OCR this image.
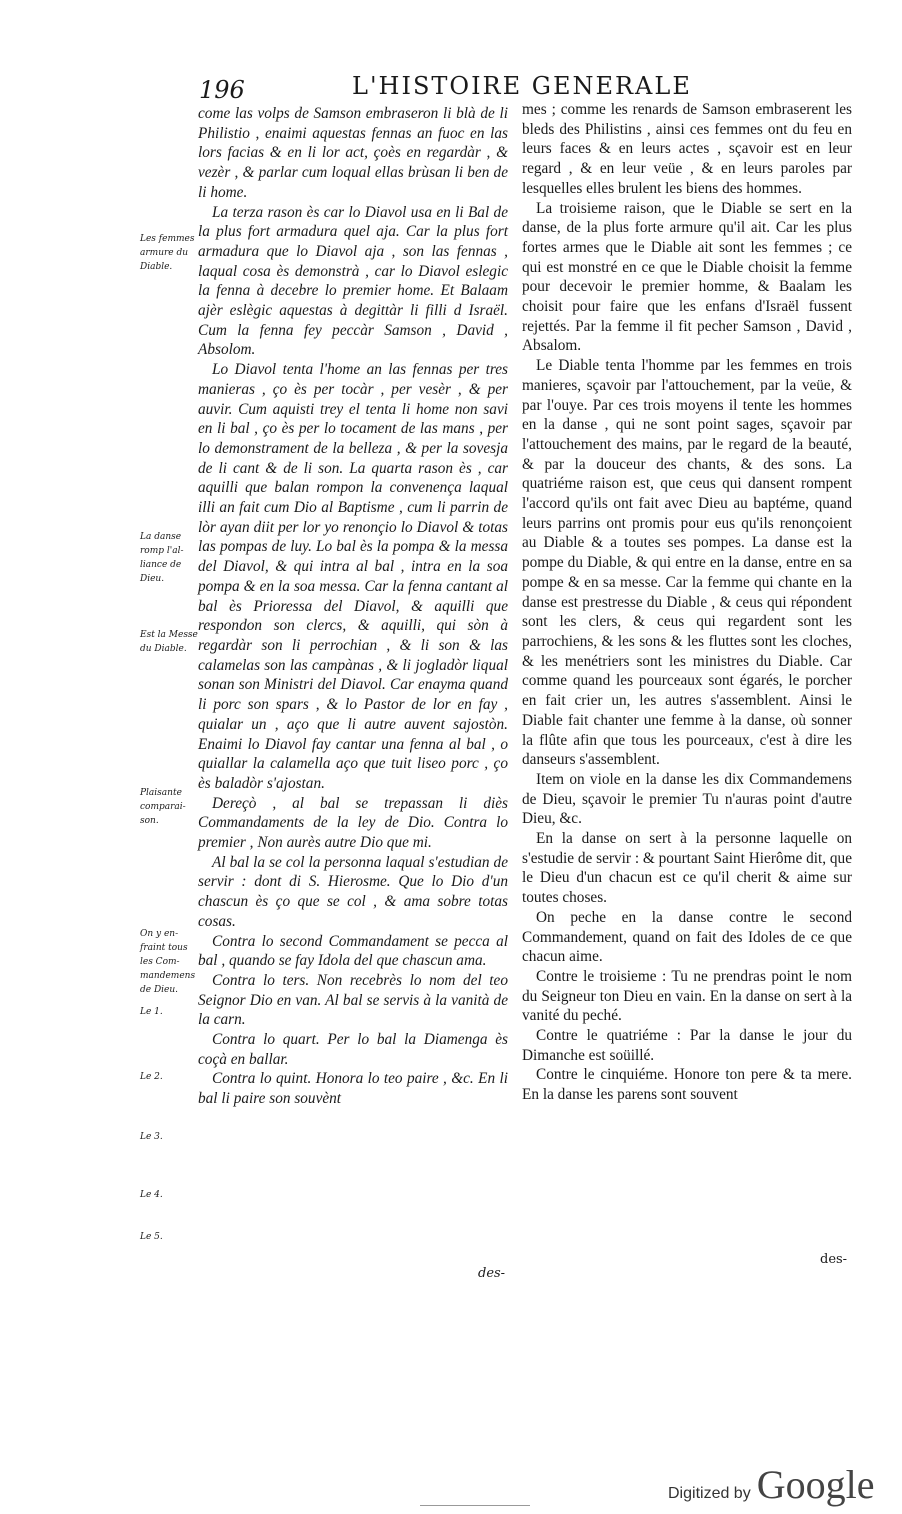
196	L'HISTOIRE GENERALE
Les femmes
armure du
Diable.
La danse
romp l'al-
liance de
Dieu.
Est la Messe
du Diable.
Plaisante
comparai-
son.
On y en-
fraint tous
les Com-
mandemens
de Dieu.
Le 1.
Le 2.
Le 3.
Le 4.
Le 5.

come las volps de Samson embraseron li blà de li Philistio , enaimi aquestas fennas an fuoc en las lors facias & en li lor act, çoès en regardàr , & vezèr , & parlar cum loqual ellas brùsan li ben de li home.

La terza rason ès car lo Diavol usa en li Bal de la plus fort armadura quel aja. Car la plus fort armadura que lo Diavol aja , son las fennas , laqual cosa ès demonstrà , car lo Diavol eslegic la fenna à decebre lo premier home. Et Balaam ajèr eslègic aquestas à degittàr li filli d Israël. Cum la fenna fey peccàr Samson , David , Absolom.

Lo Diavol tenta l'home an las fennas per tres manieras , ço ès per tocàr , per vesèr , & per auvir. Cum aquisti trey el tenta li home non savi en li bal , ço ès per lo tocament de las mans , per lo demonstrament de la belleza , & per la sovesja de li cant & de li son. La quarta rason ès , car aquilli que balan rompon la convenença laqual illi an fait cum Dio al Baptisme , cum li parrin de lòr ayan diit per lor yo renonçio lo Diavol & totas las pompas de luy. Lo bal ès la pompa & la messa del Diavol, & qui intra al bal , intra en la soa pompa & en la soa messa. Car la fenna cantant al bal ès Prioressa del Diavol, & aquilli que respondon son clercs, & aquilli, qui sòn à regardàr son li perrochian , & li son & las calamelas son las campànas , & li jogladòr liqual sonan son Ministri del Diavol. Car enayma quand li porc son spars , & lo Pastor de lor en fay , quialar un , aço que li autre auvent sajostòn. Enaimi lo Diavol fay cantar una fenna al bal , o quiallar la calamella aço que tuit liseo porc , ço ès baladòr s'ajostan.

Dereçò , al bal se trepassan li diès Commandaments de la ley de Dio. Contra lo premier , Non aurès autre Dio que mi.

Al bal la se col la personna laqual s'estudian de servir : dont di S. Hierosme. Que lo Dio d'un chascun ès ço que se col , & ama sobre totas cosas.

Contra lo second Commandament se pecca al bal , quando se fay Idola del que chascun ama.

Contra lo ters. Non recebrès lo nom del teo Seignor Dio en van. Al bal se servis à la vanità de la carn.

Contra lo quart. Per lo bal la Diamenga ès coçà en ballar.

Contra lo quint. Honora lo teo paire , &c. En li bal li paire son souvènt

mes ; comme les renards de Samson embraserent les bleds des Philistins , ainsi ces femmes ont du feu en leurs faces & en leurs actes , sçavoir est en leur regard , & en leur veüe , & en leurs paroles par lesquelles elles brulent les biens des hommes.

La troisieme raison, que le Diable se sert en la danse, de la plus forte armure qu'il ait. Car les plus fortes armes que le Diable ait sont les femmes ; ce qui est monstré en ce que le Diable choisit la femme pour decevoir le premier homme, & Baalam les choisit pour faire que les enfans d'Israël fussent rejettés. Par la femme il fit pecher Samson , David , Absalom.

Le Diable tenta l'homme par les femmes en trois manieres, sçavoir par l'attouchement, par la veüe, & par l'ouye. Par ces trois moyens il tente les hommes en la danse , qui ne sont point sages, sçavoir par l'attouchement des mains, par le regard de la beauté, & par la douceur des chants, & des sons. La quatriéme raison est, que ceus qui dansent rompent l'accord qu'ils ont fait avec Dieu au baptéme, quand leurs parrins ont promis pour eus qu'ils renonçoient au Diable & a toutes ses pompes. La danse est la pompe du Diable, & qui entre en la danse, entre en sa pompe & en sa messe. Car la femme qui chante en la danse est prestresse du Diable , & ceus qui répondent sont les clers, & ceus qui regardent sont les parrochiens, & les sons & les fluttes sont les cloches, & les menétriers sont les ministres du Diable. Car comme quand les pourceaux sont égarés, le porcher en fait crier un, les autres s'assemblent. Ainsi le Diable fait chanter une femme à la danse, où sonner la flûte afin que tous les pourceaux, c'est à dire les danseurs s'assemblent.

Item on viole en la danse les dix Commandemens de Dieu, sçavoir le premier Tu n'auras point d'autre Dieu, &c.

En la danse on sert à la personne laquelle on s'estudie de servir : & pourtant Saint Hierôme dit, que le Dieu d'un chacun est ce qu'il cherit & aime sur toutes choses.

On peche en la danse contre le second Commandement, quand on fait des Idoles de ce que chacun aime.

Contre le troisieme : Tu ne prendras point le nom du Seigneur ton Dieu en vain. En la danse on sert à la vanité du peché.

Contre le quatriéme : Par la danse le jour du Dimanche est soüillé.

Contre le cinquiéme. Honore ton pere & ta mere. En la danse les parens sont souvent

des-
des-
Digitized by Google
